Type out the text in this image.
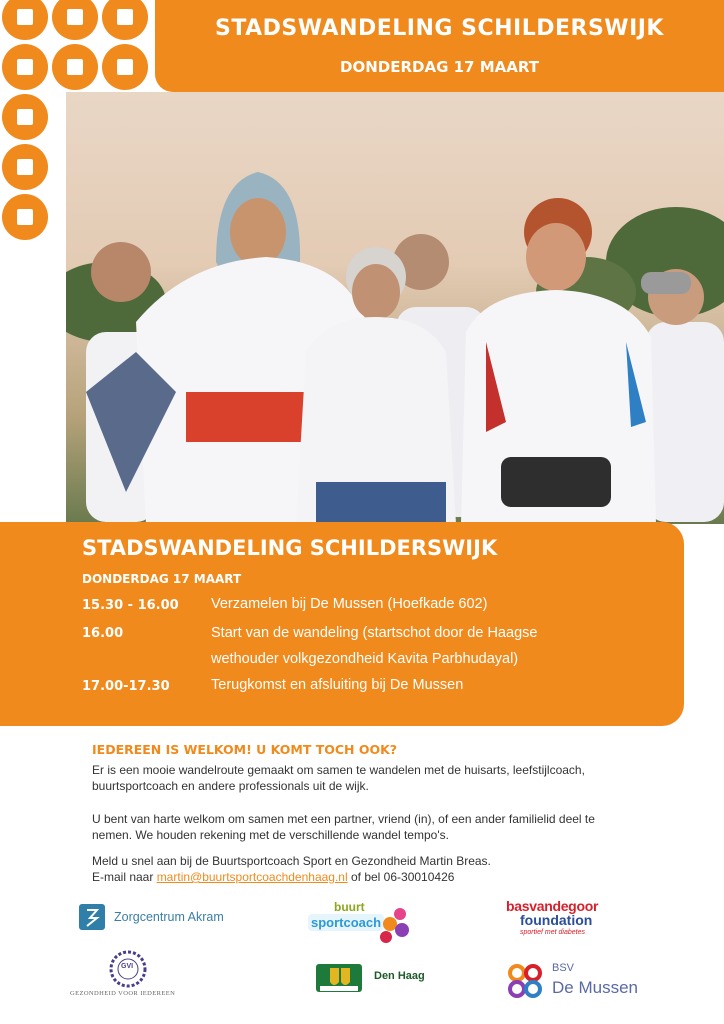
STADSWANDELING SCHILDERSWIJK
DONDERDAG 17 MAART
STADSWANDELING SCHILDERSWIJK
DONDERDAG 17 MAART
15.30 - 16.00 Verzamelen bij De Mussen (Hoefkade 602)
16.00	Start van de wandeling (startschot door de Haagse
wethouder volkgezondheid Kavita Parbhudayal)
17.00-17.30	Terugkomst en afsluiting bij De Mussen
IEDEREEN IS WELKOM! U KOMT TOCH OOK?
Er is een mooie wandelroute gemaakt om samen te wandelen met de huisarts, leefstijlcoach,
buurtsportcoach en andere professionals uit de wijk.
U bent van harte welkom om samen met een partner, vriend (in), of een ander familielid deel te
nemen. We houden rekening met de verschillende wandel tempo's.
Meld u snel aan bij de Buurtsportcoach Sport en Gezondheid Martin Breas.
E-mail naar martin@buurtsportcoachdenhaag.nl of bel 06-30010426
Zorgcentrum Akram
buurt
sportcoach
basvandegoor
foundation
sportief met diabetes
GVI
GEZONDHEID VOOR IEDEREEN
Den Haag
BSV
De Mussen
